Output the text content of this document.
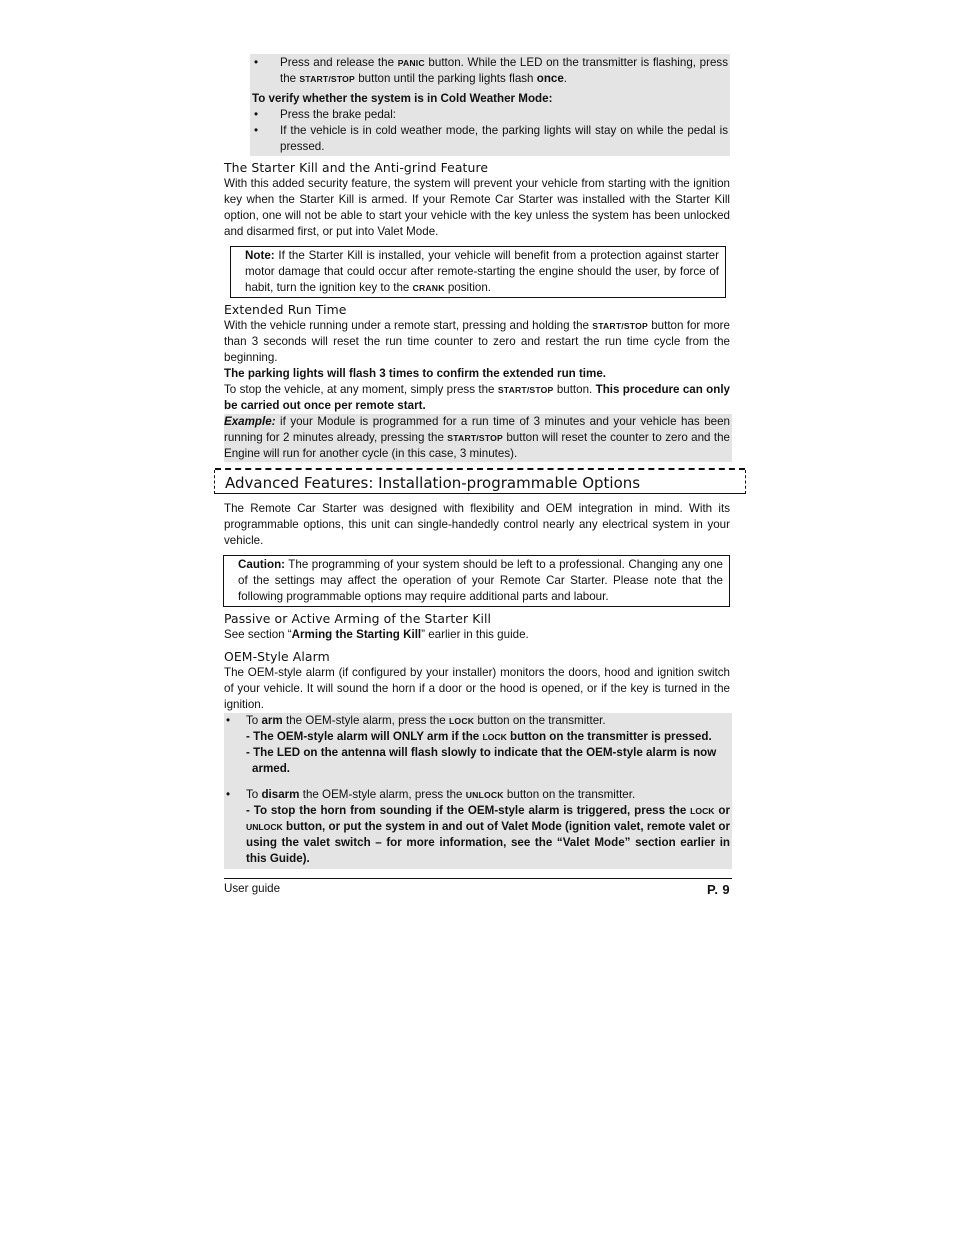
• Press and release the PANIC button. While the LED on the transmitter is flashing, press the START/STOP button until the parking lights flash once.
To verify whether the system is in Cold Weather Mode:
• Press the brake pedal:
• If the vehicle is in cold weather mode, the parking lights will stay on while the pedal is pressed.
The Starter Kill and the Anti-grind Feature
With this added security feature, the system will prevent your vehicle from starting with the ignition key when the Starter Kill is armed. If your Remote Car Starter was installed with the Starter Kill option, one will not be able to start your vehicle with the key unless the system has been unlocked and disarmed first, or put into Valet Mode.
Note: If the Starter Kill is installed, your vehicle will benefit from a protection against starter motor damage that could occur after remote-starting the engine should the user, by force of habit, turn the ignition key to the CRANK position.
Extended Run Time
With the vehicle running under a remote start, pressing and holding the START/STOP button for more than 3 seconds will reset the run time counter to zero and restart the run time cycle from the beginning.
The parking lights will flash 3 times to confirm the extended run time.
To stop the vehicle, at any moment, simply press the START/STOP button. This procedure can only be carried out once per remote start.
Example: if your Module is programmed for a run time of 3 minutes and your vehicle has been running for 2 minutes already, pressing the START/STOP button will reset the counter to zero and the Engine will run for another cycle (in this case, 3 minutes).
Advanced Features: Installation-programmable Options
The Remote Car Starter was designed with flexibility and OEM integration in mind. With its programmable options, this unit can single-handedly control nearly any electrical system in your vehicle.
Caution: The programming of your system should be left to a professional. Changing any one of the settings may affect the operation of your Remote Car Starter. Please note that the following programmable options may require additional parts and labour.
Passive or Active Arming of the Starter Kill
See section “Arming the Starting Kill” earlier in this guide.
OEM-Style Alarm
The OEM-style alarm (if configured by your installer) monitors the doors, hood and ignition switch of your vehicle. It will sound the horn if a door or the hood is opened, or if the key is turned in the ignition.
• To arm the OEM-style alarm, press the LOCK button on the transmitter.
- The OEM-style alarm will ONLY arm if the LOCK button on the transmitter is pressed.
- The LED on the antenna will flash slowly to indicate that the OEM-style alarm is now armed.
• To disarm the OEM-style alarm, press the UNLOCK button on the transmitter.
- To stop the horn from sounding if the OEM-style alarm is triggered, press the LOCK or UNLOCK button, or put the system in and out of Valet Mode (ignition valet, remote valet or using the valet switch – for more information, see the “Valet Mode” section earlier in this Guide).
User guide	P. 9
